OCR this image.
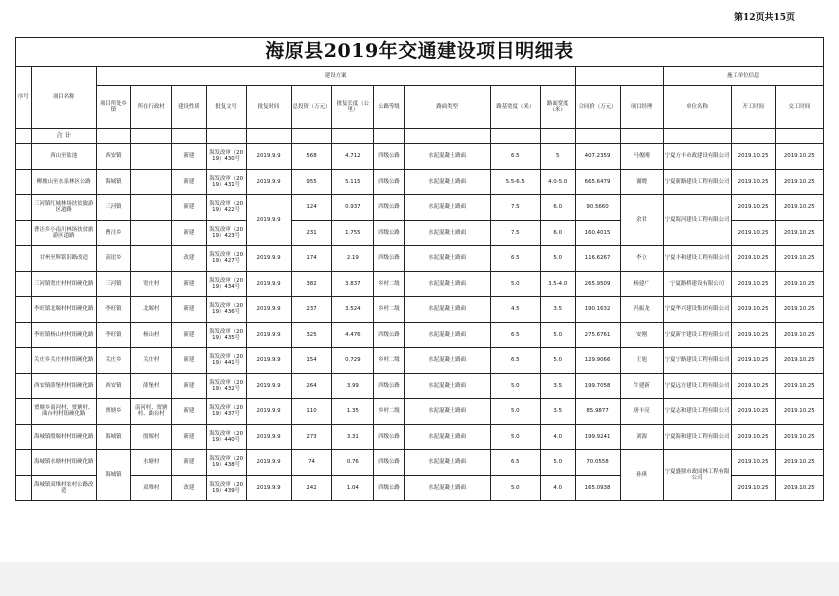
第12页共15页
海原县2019年交通建设项目明细表																	
序号	项目名称	建设方案													施工单位信息		
		项目所处乡镇	所在行政村	建设性质	批复文号	批复时间	总投资（万元）	批复长度（公里）	公路等级	路面类型	路基宽度（米）	路面宽度（米）	合同价（万元）	项目经理	单位名称	开工时间	交工时间
	合 计																
	西山至盐池	西安镇		新建	海发改审（2019）430号	2019.9.9	568	4.712	四级公路	水泥混凝土路面	6.5	5	407.2359	马俊刚	宁夏方丰市政建设有限公司	2019.10.25	2019.10.25
	柳坡山至水泉林区公路	海城镇		新建	海发改审（2019）431号	2019.9.9	955	5.115	四级公路	水泥混凝土路面	5.5-6.5	4.0-5.0	665.6479	谢晓	宁夏新路建设工程有限公司	2019.10.25	2019.10.25
	三河镇红城林场扶贫旅游区道路	三河镇		新建	海发改审（2019）422号	2019.9.9	124	0.937	四级公路	水泥混凝土路面	7.5	6.0	90.5660	余君	宁夏海河建设工程有限公司	2019.10.25	2019.10.25
	曹洼乡小南川林场扶贫旅游区道路	曹洼乡		新建	海发改审（2019）423号		231	1.755	四级公路	水泥混凝土路面	7.5	6.0	160.4015			2019.10.25	2019.10.25
	甘州至辉铭旧路改造	高崖乡		改建	海发改审（2019）427号	2019.9.9	174	2.19	四级公路	水泥混凝土路面	6.5	5.0	116.6267	李立	宁夏丰和建设工程有限公司	2019.10.25	2019.10.25
	三河镇宽庄村村组硬化路	三河镇	宽庄村	新建	海发改审（2019）434号	2019.9.9	382	3.837	乡村二级	水泥混凝土路面	5.0	3.5-4.0	265.9509	杨建广	宁夏路桥建设有限公司	2019.10.25	2019.10.25
	李旺镇北塬村村组硬化路	李旺镇	北塬村	新建	海发改审（2019）436号	2019.9.9	237	3.524	乡村二级	水泥混凝土路面	4.5	3.5	190.1632	冯振龙	宁夏华兴建设集团有限公司	2019.10.25	2019.10.25
	李旺镇杨山村村组硬化路	李旺镇	杨山村	新建	海发改审（2019）435号	2019.9.9	325	4.476	四级公路	水泥混凝土路面	6.5	5.0	275.6761	安刚	宁夏新宇建设工程有限公司	2019.10.25	2019.10.25
	关庄乡关庄村村组硬化路	关庄乡	关庄村	新建	海发改审（2019）441号	2019.9.9	154	0.729	乡村二级	水泥混凝土路面	6.5	5.0	129.9066	王旭	宁夏宁路建设工程有限公司	2019.10.25	2019.10.25
	西安镇薛堡村村组硬化路	西安镇	薛堡村	新建	海发改审（2019）432号	2019.9.9	264	3.99	四级公路	水泥混凝土路面	5.0	3.5	199.7058	牛建新	宁夏远方建设工程有限公司	2019.10.25	2019.10.25
	贾塘乡南河村、贾塘村、曲台村村组硬化路	贾塘乡	南河村、贾塘村、曲台村	新建	海发改审（2019）437号	2019.9.9	110	1.35	乡村二级	水泥混凝土路面	5.0	3.5	85.9877	唐丰亮	宁夏志和建设工程有限公司	2019.10.25	2019.10.25
	海城镇殷塬村村组硬化路	海城镇	殷塬村	新建	海发改审（2019）440号	2019.9.9	273	3.31	四级公路	水泥混凝土路面	5.0	4.0	199.9241	刘源	宁夏海和建设工程有限公司	2019.10.25	2019.10.25
	海城镇水塘村村组硬化路	海城镇	水塘村	新建	海发改审（2019）438号	2019.9.9	74	0.76	四级公路	水泥混凝土路面	6.5	5.0	70.0558	孙琪	宁夏盛鼎市政园林工程有限公司	2019.10.25	2019.10.25
	海城镇双堆村农村公路改造		双堆村	改建	海发改审（2019）439号	2019.9.9	242	1.04	四级公路	水泥混凝土路面	5.0	4.0	165.0938			2019.10.25	2019.10.25
